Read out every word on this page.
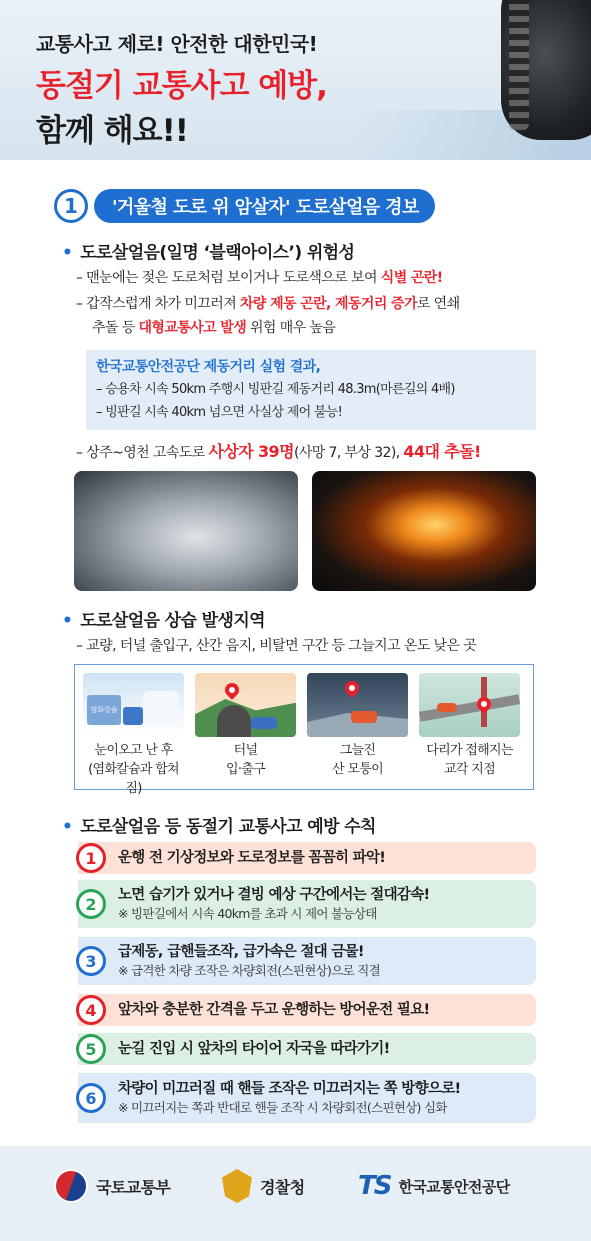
교통사고 제로! 안전한 대한민국!
동절기 교통사고 예방,
함께 해요!!
1	'거울철 도로 위 암살자' 도로살얼음 경보
• 도로살얼음(일명 ‘블랙아이스’) 위험성
– 맨눈에는 젖은 도로처럼 보이거나 도로색으로 보여 식별 곤란!
– 갑작스럽게 차가 미끄러져 차량 제동 곤란, 제동거리 증가로 연쇄
추돌 등 대형교통사고 발생 위험 매우 높음
한국교통안전공단 제동거리 실험 결과,
– 승용차 시속 50km 주행시 빙판길 제동거리 48.3m(마른길의 4배)
– 빙판길 시속 40km 넘으면 사실상 제어 불능!
– 상주~영천 고속도로 사상자 39명(사망 7, 부상 32), 44대 추돌!
• 도로살얼음 상습 발생지역
– 교량, 터널 출입구, 산간 음지, 비탈면 구간 등 그늘지고 온도 낮은 곳
염화칼슘
눈이오고 난 후
(염화칼슘과 합쳐짐)
터널
입·출구
그늘진
산 모퉁이
다리가 접해지는
교각 지점
• 도로살얼음 등 동절기 교통사고 예방 수칙
1	운행 전 기상정보와 도로정보를 꼼꼼히 파악!
2	노면 습기가 있거나 결빙 예상 구간에서는 절대감속!
※ 빙판길에서 시속 40km를 초과 시 제어 불능상태
3	급제동, 급핸들조작, 급가속은 절대 금물!
※ 급격한 차량 조작은 차량회전(스핀현상)으로 직결
4	앞차와 충분한 간격을 두고 운행하는 방어운전 필요!
5	눈길 진입 시 앞차의 타이어 자국을 따라가기!
6	차량이 미끄러질 때 핸들 조작은 미끄러지는 쪽 방향으로!
※ 미끄러지는 쪽과 반대로 핸들 조작 시 차량회전(스핀현상) 심화
국토교통부	경찰청 TS 한국교통안전공단
